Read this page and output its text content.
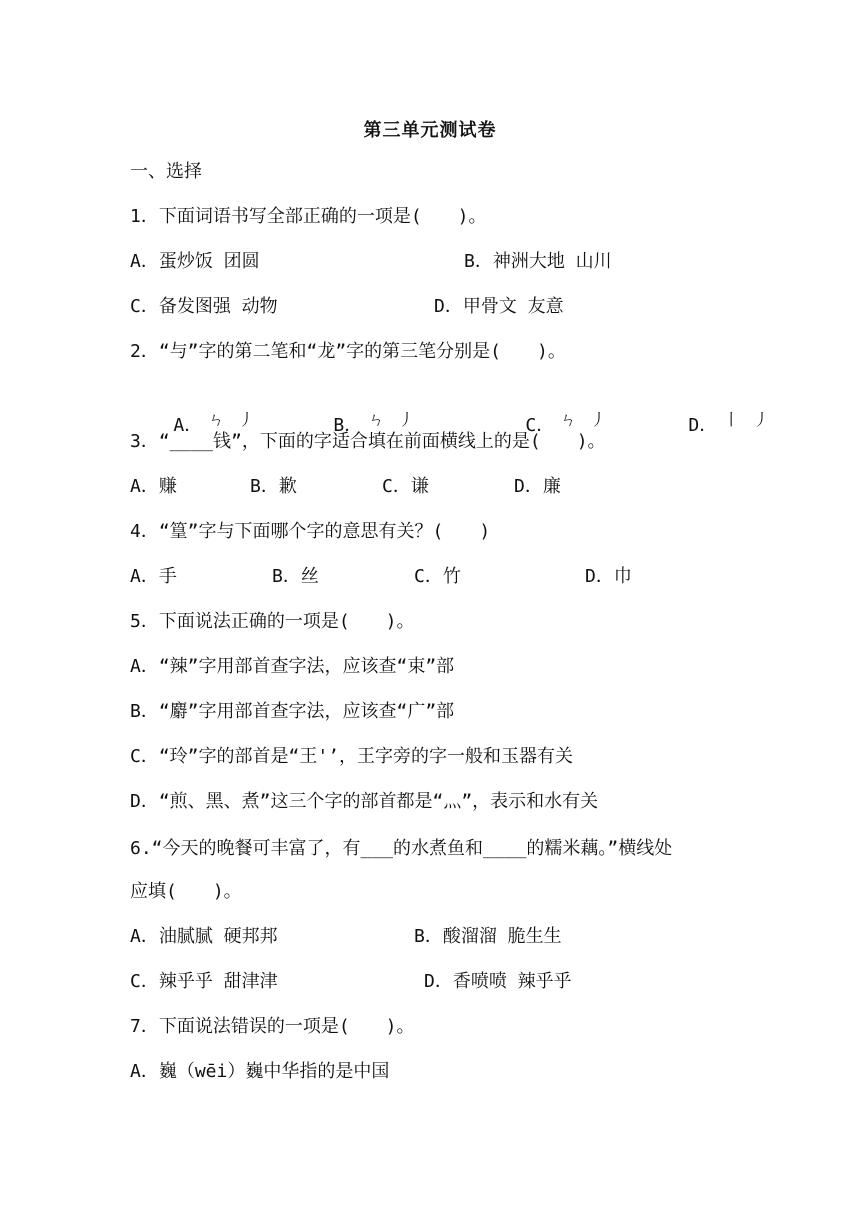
第三单元测试卷
一、选择
1．下面词语书写全部正确的一项是(　　)。
A．蛋炒饭 团圆	B．神洲大地 山川
C．备发图强 动物	D．甲骨文 友意
2．“与”字的第二笔和“龙”字的第三笔分别是(　　)。

A． ㄣ 丿
	B． ㄣ 丿
	C． ㄣ 丿
	D． 丨 丿

3．“____钱”，下面的字适合填在前面横线上的是(　　)。
A．赚	B．歉	C．谦	D．廉
4．“篁”字与下面哪个字的意思有关？(　　)
A．手	B．丝	C．竹	D．巾
5．下面说法正确的一项是(　　)。
A．“辣”字用部首查字法，应该查“束”部
B．“麝”字用部首查字法，应该查“广”部
C．“玲”字的部首是“王'’，王字旁的字一般和玉器有关
D．“煎、黑、煮”这三个字的部首都是“灬”，表示和水有关
6.“今天的晚餐可丰富了，有___的水煮鱼和____的糯米藕。”横线处
应填(　　)。
A．油腻腻 硬邦邦	B．酸溜溜 脆生生
C．辣乎乎 甜津津	D．香喷喷 辣乎乎
7．下面说法错误的一项是(　　)。
A．巍（wēi）巍中华指的是中国
